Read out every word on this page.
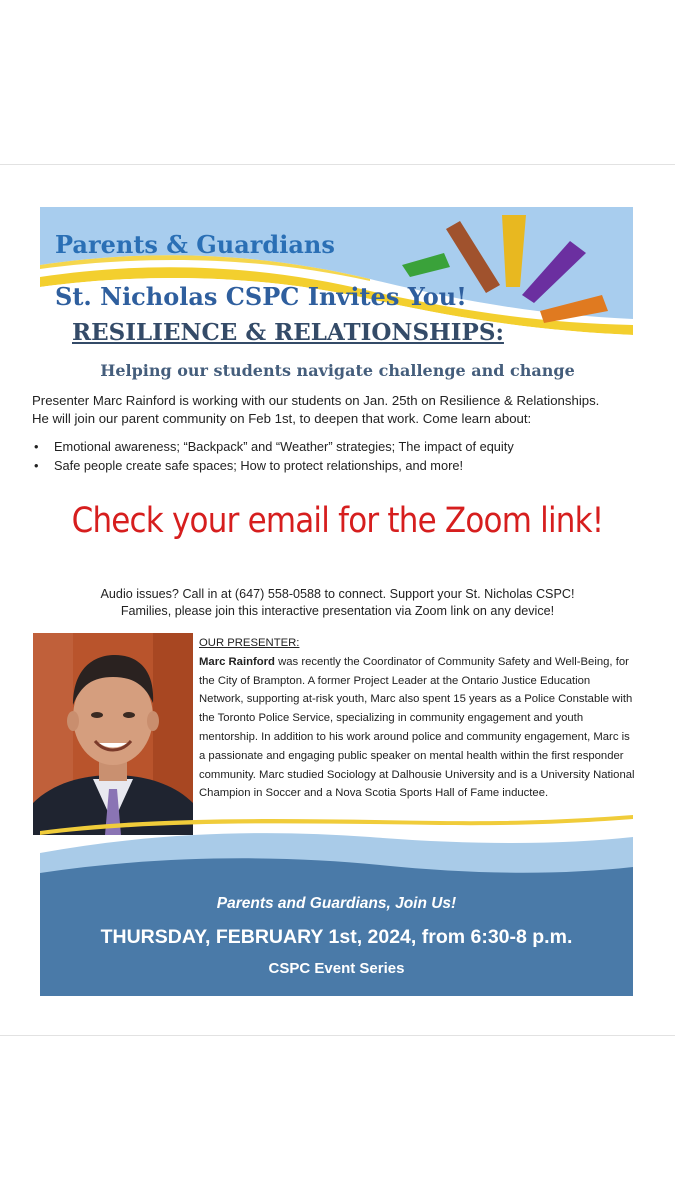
Parents & Guardians
St. Nicholas CSPC Invites You!
RESILIENCE & RELATIONSHIPS:
Helping our students navigate challenge and change
Presenter Marc Rainford is working with our students on Jan. 25th on Resilience & Relationships.
He will join our parent community on Feb 1st, to deepen that work. Come learn about:
• Emotional awareness; “Backpack” and “Weather” strategies; The impact of equity
• Safe people create safe spaces; How to protect relationships, and more!
Check your email for the Zoom link!
Audio issues? Call in at (647) 558-0588 to connect. Support your St. Nicholas CSPC!
Families, please join this interactive presentation via Zoom link on any device!
OUR PRESENTER:
Marc Rainford was recently the Coordinator of Community Safety and Well-Being, for the City of Brampton. A former Project Leader at the Ontario Justice Education Network, supporting at-risk youth, Marc also spent 15 years as a Police Constable with the Toronto Police Service, specializing in community engagement and youth mentorship. In addition to his work around police and community engagement, Marc is a passionate and engaging public speaker on mental health within the first responder community. Marc studied Sociology at Dalhousie University and is a University National Champion in Soccer and a Nova Scotia Sports Hall of Fame inductee.
Parents and Guardians, Join Us!
THURSDAY, FEBRUARY 1st, 2024, from 6:30-8 p.m.
CSPC Event Series
